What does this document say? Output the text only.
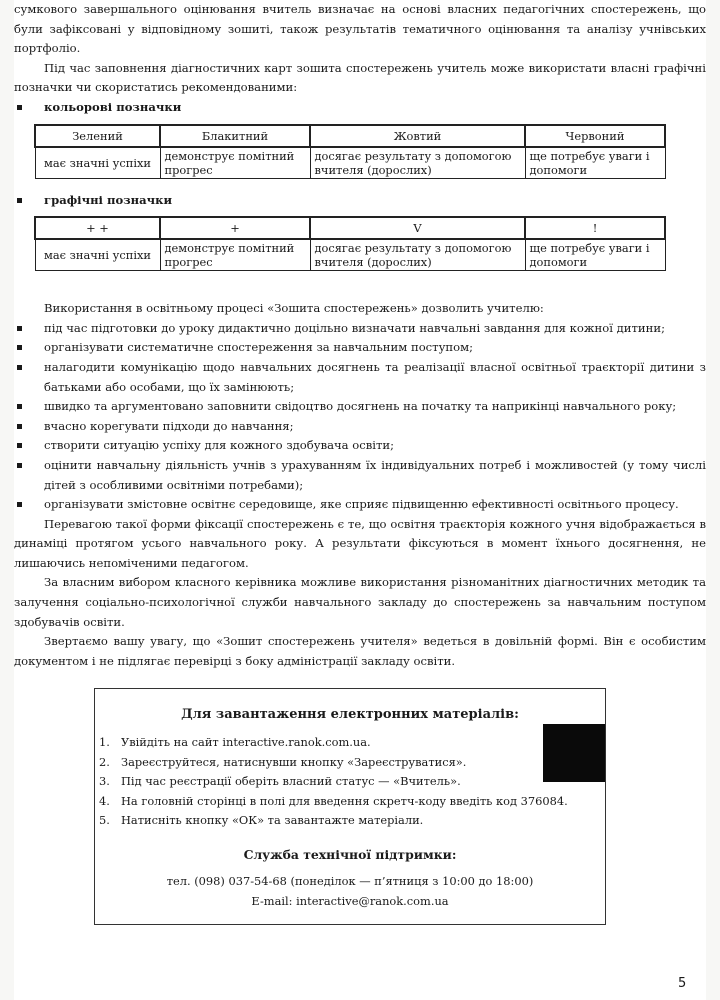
сумкового завершального оцінювання вчитель визначає на основі власних педагогічних спостережень, що були зафіксовані у відповідному зошиті, також результатів тематичного оцінювання та аналізу учнівських портфоліо.

Під час заповнення діагностичних карт зошита спостережень учитель може використати власні графічні позначки чи скористатись рекомендованими:

кольорові позначки
Зелений	Блакитний	Жовтий	Червоний
має значні успіхи	демонструє помітний прогрес	досягає результату з допомогою вчителя (дорослих)	ще потребує уваги і допомоги
графічні позначки
+ +	+	V	!
має значні успіхи	демонструє помітний прогрес	досягає результату з допомогою вчителя (дорослих)	ще потребує уваги і допомоги

Використання в освітньому процесі «Зошита спостережень» дозволить учителю:

під час підготовки до уроку дидактично доцільно визначати навчальні завдання для кожної дитини;
організувати систематичне спостереження за навчальним поступом;
налагодити комунікацію щодо навчальних досягнень та реалізації власної освітньої траєкторії дитини з батьками або особами, що їх замінюють;
швидко та аргументовано заповнити свідоцтво досягнень на початку та наприкінці навчального року;
вчасно корегувати підходи до навчання;
створити ситуацію успіху для кожного здобувача освіти;
оцінити навчальну діяльність учнів з урахуванням їх індивідуальних потреб і можливостей (у тому числі дітей з особливими освітніми потребами);
організувати змістовне освітнє середовище, яке сприяє підвищенню ефективності освітнього процесу.

Перевагою такої форми фіксації спостережень є те, що освітня траєкторія кожного учня відображається в динаміці протягом усього навчального року. А результати фіксуються в момент їхнього досягнення, не лишаючись непоміченими педагогом.

За власним вибором класного керівника можливе використання різноманітних діагностичних методик та залучення соціально-психологічної служби навчального закладу до спостережень за навчальним поступом здобувачів освіти.

Звертаємо вашу увагу, що «Зошит спостережень учителя» ведеться в довільній формі. Він є особистим документом і не підлягає перевірці з боку адміністрації закладу освіти.

Для завантаження електронних матеріалів:
1. Увійдіть на сайт interactive.ranok.com.ua.
2. Зареєструйтеся, натиснувши кнопку «Зареєструватися».
3. Під час реєстрації оберіть власний статус — «Вчитель».
4. На головній сторінці в полі для введення скретч-коду введіть код 376084.
5. Натисніть кнопку «ОК» та завантажте матеріали.
Служба технічної підтримки:
тел. (098) 037-54-68 (понеділок — п’ятниця з 10:00 до 18:00)
E-mail: interactive@ranok.com.ua
5
